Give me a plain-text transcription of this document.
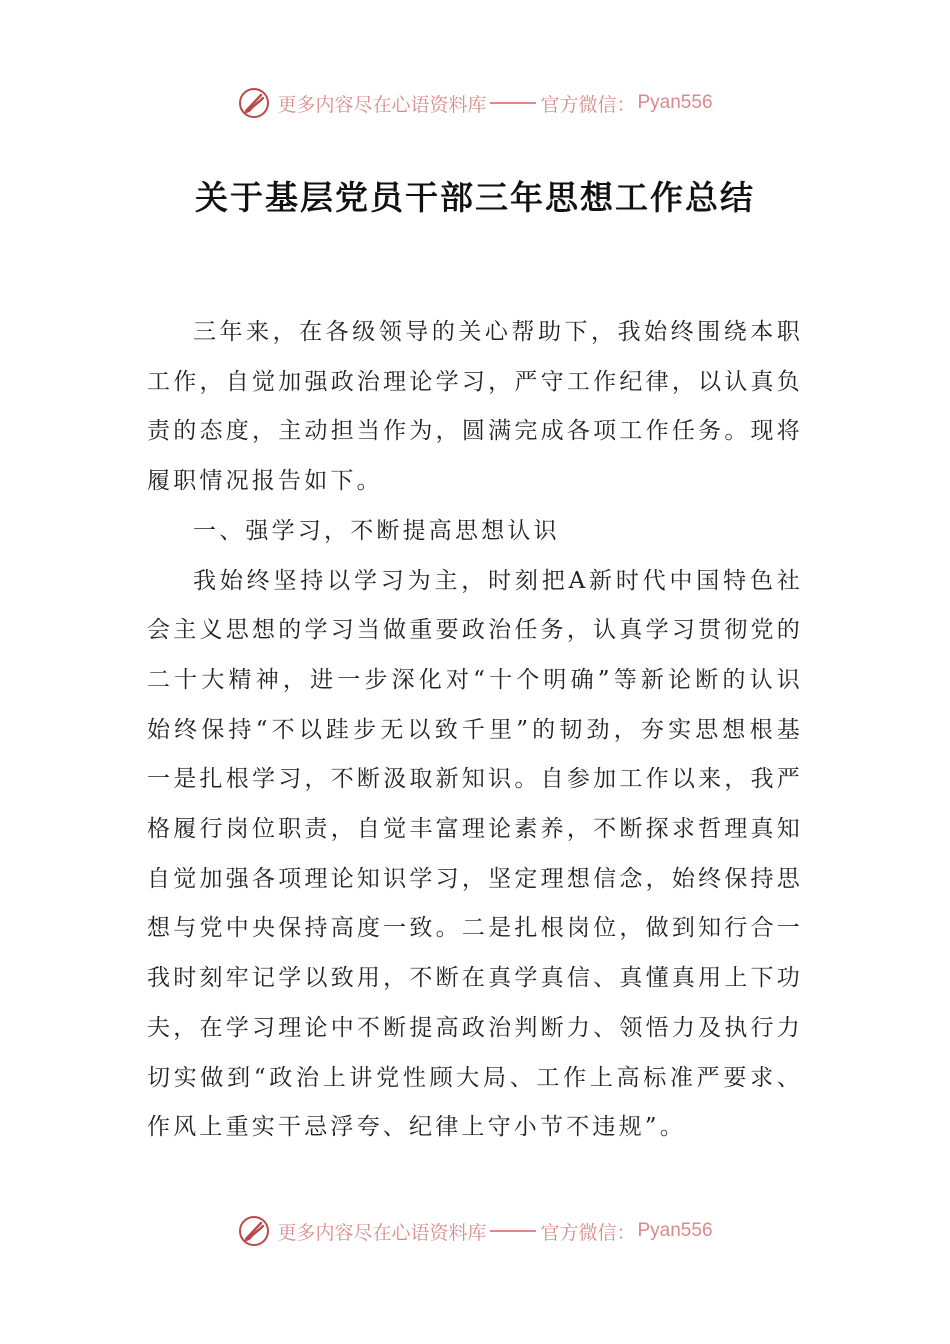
更多内容尽在心语资料库	官方微信： Pyan556
关于基层党员干部三年思想工作总结

三年来，在各级领导的关心帮助下，我始终围绕本职工作，自觉加强政治理论学习，严守工作纪律，以认真负责的态度，主动担当作为，圆满完成各项工作任务。现将履职情况报告如下。

一、强学习，不断提高思想认识

我始终坚持以学习为主，时刻把A新时代中国特色社会主义思想的学习当做重要政治任务，认真学习贯彻党的二十大精神，进一步深化对“十个明确”等新论断的认识始终保持“不以跬步无以致千里”的韧劲，夯实思想根基一是扎根学习，不断汲取新知识。自参加工作以来，我严格履行岗位职责，自觉丰富理论素养，不断探求哲理真知自觉加强各项理论知识学习，坚定理想信念，始终保持思想与党中央保持高度一致。二是扎根岗位，做到知行合一我时刻牢记学以致用，不断在真学真信、真懂真用上下功夫，在学习理论中不断提高政治判断力、领悟力及执行力切实做到“政治上讲党性顾大局、工作上高标准严要求、作风上重实干忌浮夸、纪律上守小节不违规”。

更多内容尽在心语资料库	官方微信： Pyan556
